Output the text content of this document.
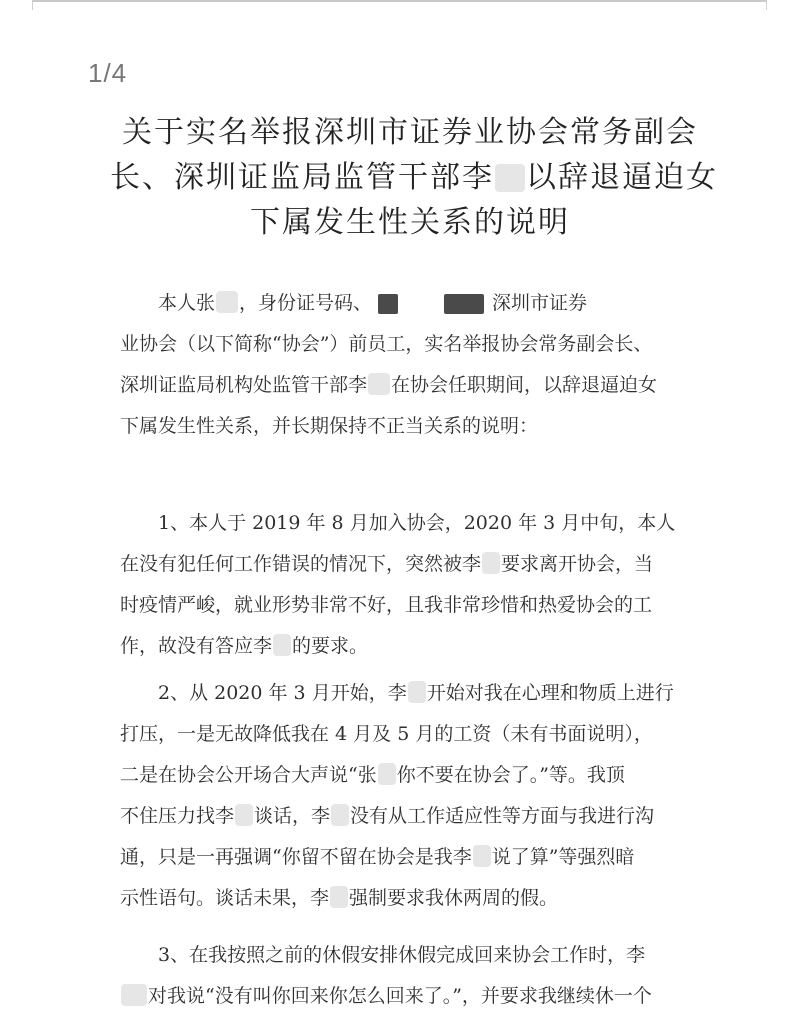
1/4
关于实名举报深圳市证券业协会常务副会
长、深圳证监局监管干部李 以辞退逼迫女
下属发生性关系的说明
本人张 ，身份证号码、	深圳市证券
业协会（以下简称“协会”）前员工，实名举报协会常务副会长、
深圳证监局机构处监管干部李 在协会任职期间，以辞退逼迫女
下属发生性关系，并长期保持不正当关系的说明：
1、本人于 2019 年 8 月加入协会，2020 年 3 月中旬，本人
在没有犯任何工作错误的情况下，突然被李 要求离开协会，当
时疫情严峻，就业形势非常不好，且我非常珍惜和热爱协会的工
作，故没有答应李 的要求。
2、从 2020 年 3 月开始，李 开始对我在心理和物质上进行
打压，一是无故降低我在 4 月及 5 月的工资（未有书面说明），
二是在协会公开场合大声说“张 你不要在协会了。”等。我顶
不住压力找李 谈话，李 没有从工作适应性等方面与我进行沟
通，只是一再强调“你留不留在协会是我李 说了算”等强烈暗
示性语句。谈话未果，李 强制要求我休两周的假。
3、在我按照之前的休假安排休假完成回来协会工作时，李
对我说“没有叫你回来你怎么回来了。”，并要求我继续休一个
